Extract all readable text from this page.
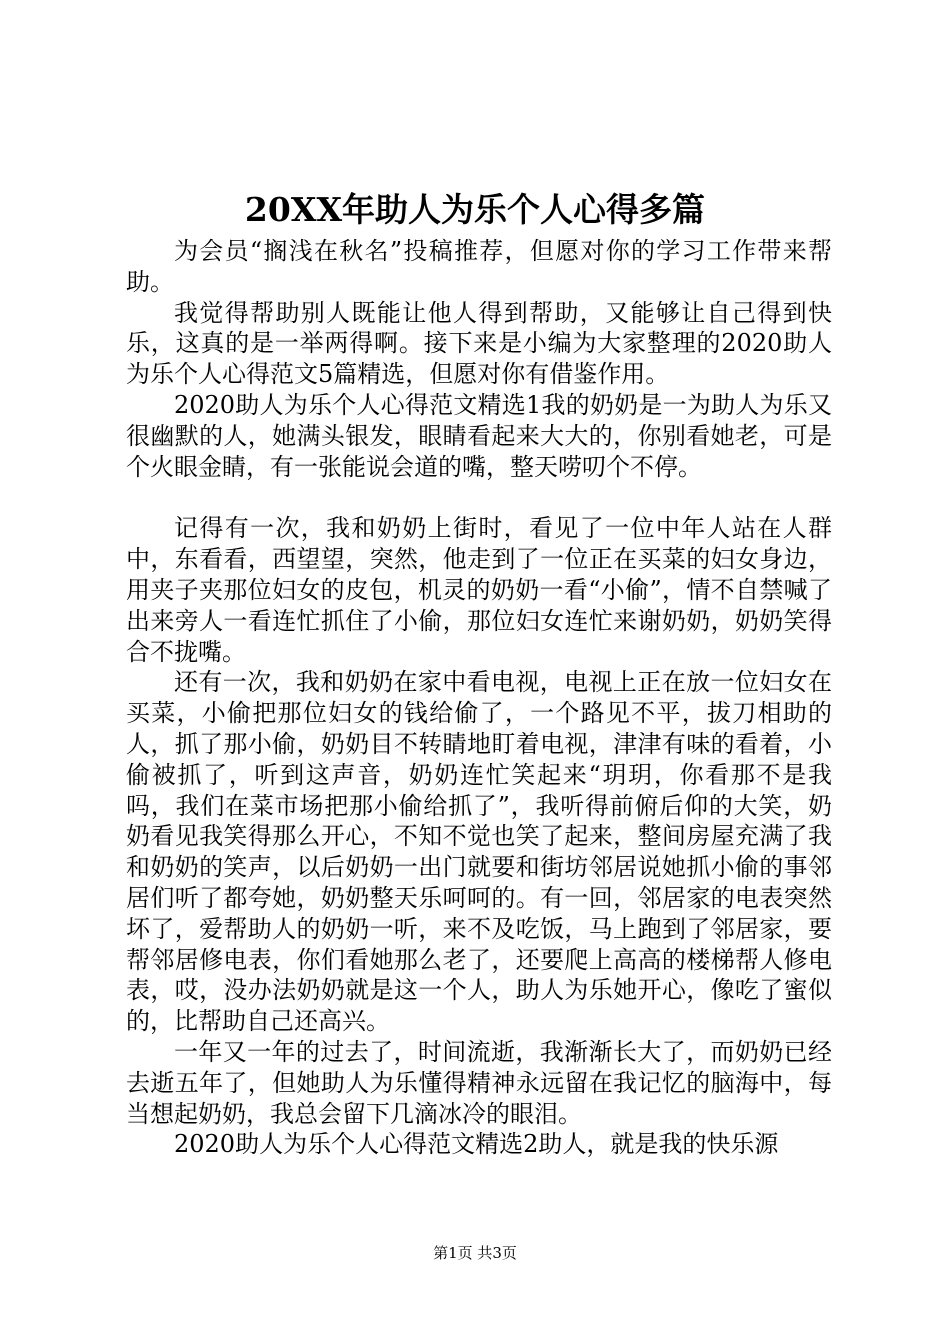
20XX年助人为乐个人心得多篇

为会员“搁浅在秋名”投稿推荐，但愿对你的学习工作带来帮助。

我觉得帮助别人既能让他人得到帮助，又能够让自己得到快乐，这真的是一举两得啊。接下来是小编为大家整理的2020助人为乐个人心得范文5篇精选，但愿对你有借鉴作用。

2020助人为乐个人心得范文精选1我的奶奶是一为助人为乐又很幽默的人，她满头银发，眼睛看起来大大的，你别看她老，可是个火眼金睛，有一张能说会道的嘴，整天唠叨个不停。

记得有一次，我和奶奶上街时，看见了一位中年人站在人群中，东看看，西望望，突然，他走到了一位正在买菜的妇女身边，用夹子夹那位妇女的皮包，机灵的奶奶一看“小偷”，情不自禁喊了出来旁人一看连忙抓住了小偷，那位妇女连忙来谢奶奶，奶奶笑得合不拢嘴。

还有一次，我和奶奶在家中看电视，电视上正在放一位妇女在买菜，小偷把那位妇女的钱给偷了，一个路见不平，拔刀相助的人，抓了那小偷，奶奶目不转睛地盯着电视，津津有味的看着，小偷被抓了，听到这声音，奶奶连忙笑起来“玥玥，你看那不是我吗，我们在菜市场把那小偷给抓了”，我听得前俯后仰的大笑，奶奶看见我笑得那么开心，不知不觉也笑了起来，整间房屋充满了我和奶奶的笑声，以后奶奶一出门就要和街坊邻居说她抓小偷的事邻居们听了都夸她，奶奶整天乐呵呵的。有一回，邻居家的电表突然坏了，爱帮助人的奶奶一听，来不及吃饭，马上跑到了邻居家，要帮邻居修电表，你们看她那么老了，还要爬上高高的楼梯帮人修电表，哎，没办法奶奶就是这一个人，助人为乐她开心，像吃了蜜似的，比帮助自己还高兴。

一年又一年的过去了，时间流逝，我渐渐长大了，而奶奶已经去逝五年了，但她助人为乐懂得精神永远留在我记忆的脑海中，每当想起奶奶，我总会留下几滴冰冷的眼泪。

2020助人为乐个人心得范文精选2助人，就是我的快乐源

第1页 共3页
